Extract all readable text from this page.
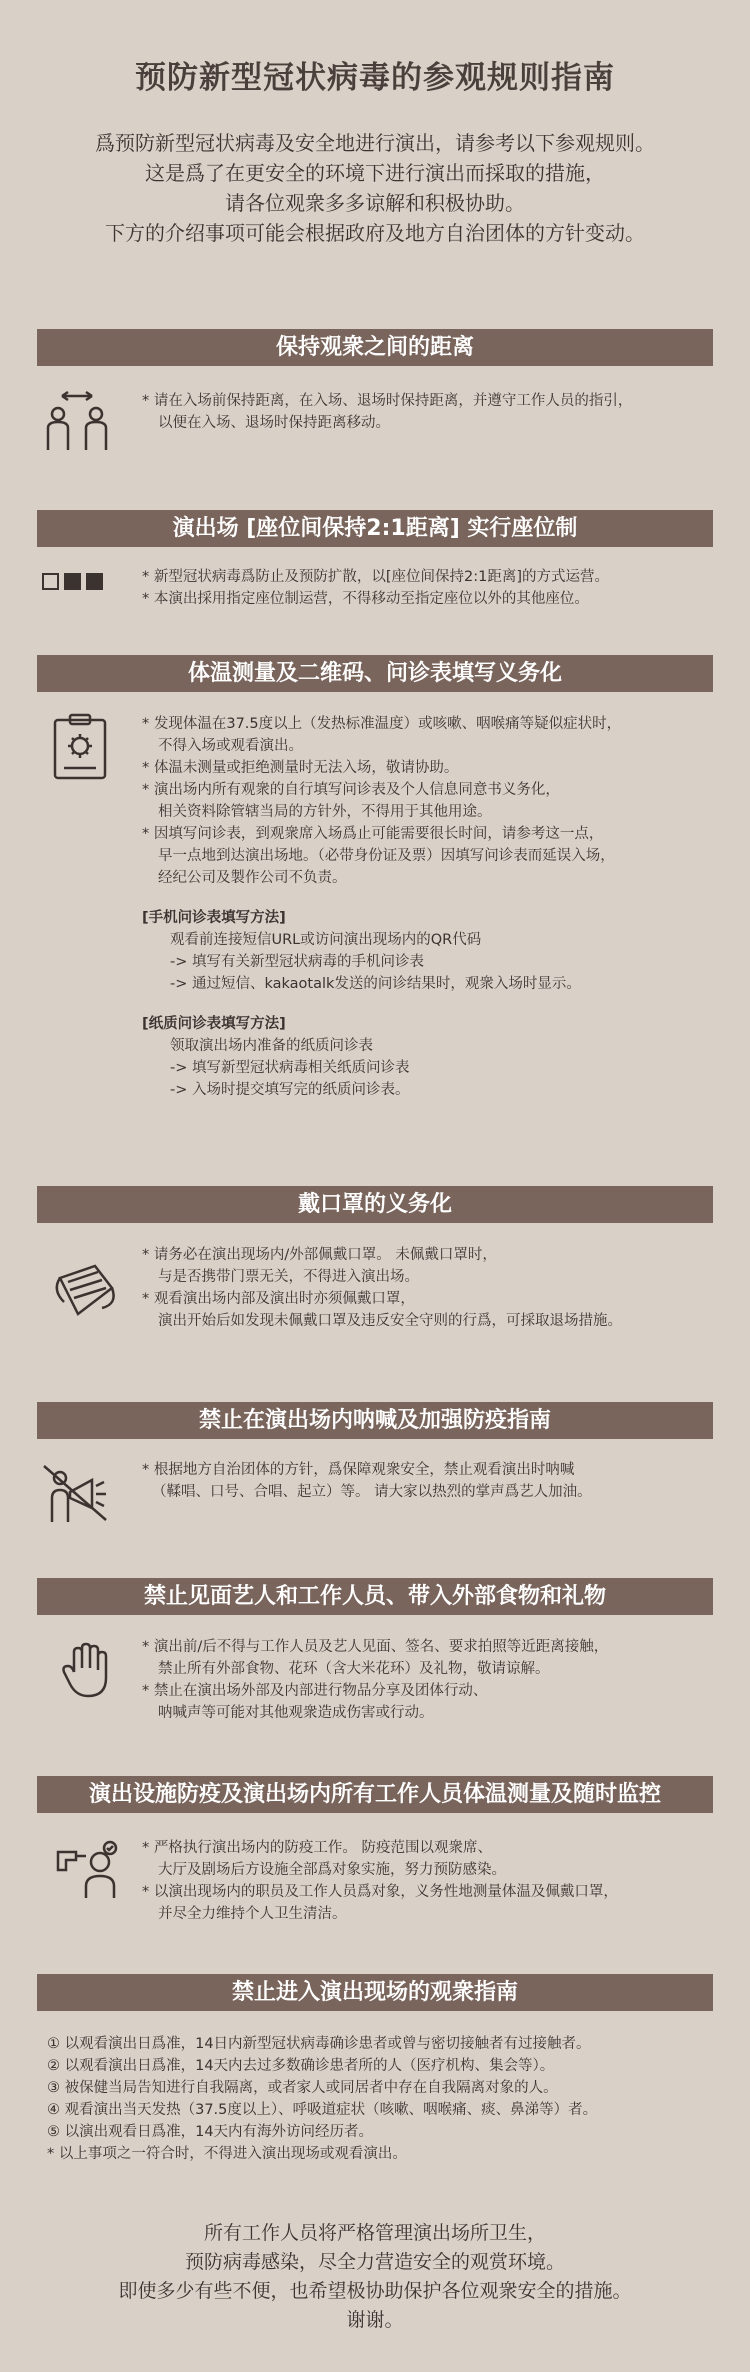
预防新型冠状病毒的参观规则指南
爲预防新型冠状病毒及安全地进行演出，请参考以下参观规则。
这是爲了在更安全的环境下进行演出而採取的措施，
请各位观衆多多谅解和积极协助。
下方的介绍事项可能会根据政府及地方自治团体的方针变动。
保持观衆之间的距离
* 请在入场前保持距离，在入场、退场时保持距离，并遵守工作人员的指引，
以便在入场、退场时保持距离移动。
演出场 [座位间保持2:1距离] 实行座位制
* 新型冠状病毒爲防止及预防扩散，以[座位间保持2:1距离]的方式运营。
* 本演出採用指定座位制运营，不得移动至指定座位以外的其他座位。
体温测量及二维码、问诊表填写义务化
* 发现体温在37.5度以上（发热标准温度）或咳嗽、咽喉痛等疑似症状时，
不得入场或观看演出。
* 体温未测量或拒绝测量时无法入场，敬请协助。
* 演出场内所有观衆的自行填写问诊表及个人信息同意书义务化，
相关资料除管辖当局的方针外，不得用于其他用途。
* 因填写问诊表，到观衆席入场爲止可能需要很长时间，请参考这一点，
早一点地到达演出场地。（必带身份证及票）因填写问诊表而延误入场，
经纪公司及製作公司不负责。
[手机问诊表填写方法]
观看前连接短信URL或访问演出现场内的QR代码
-> 填写有关新型冠状病毒的手机问诊表
-> 通过短信、kakaotalk发送的问诊结果时，观衆入场时显示。
[纸质问诊表填写方法]
领取演出场内准备的纸质问诊表
-> 填写新型冠状病毒相关纸质问诊表
-> 入场时提交填写完的纸质问诊表。
戴口罩的义务化
* 请务必在演出现场内/外部佩戴口罩。 未佩戴口罩时，
与是否携带门票无关，不得进入演出场。
* 观看演出场内部及演出时亦须佩戴口罩，
演出开始后如发现未佩戴口罩及违反安全守则的行爲，可採取退场措施。
禁止在演出场内呐喊及加强防疫指南
* 根据地方自治团体的方针，爲保障观衆安全，禁止观看演出时呐喊
（鞣唱、口号、合唱、起立）等。 请大家以热烈的掌声爲艺人加油。
禁止见面艺人和工作人员、带入外部食物和礼物
* 演出前/后不得与工作人员及艺人见面、签名、要求拍照等近距离接触，
禁止所有外部食物、花环（含大米花环）及礼物，敬请谅解。
* 禁止在演出场外部及内部进行物品分享及团体行动、
呐喊声等可能对其他观衆造成伤害或行动。
演出设施防疫及演出场内所有工作人员体温测量及随时监控
* 严格执行演出场内的防疫工作。 防疫范围以观衆席、
大厅及剧场后方设施全部爲对象实施，努力预防感染。
* 以演出现场内的职员及工作人员爲对象，义务性地测量体温及佩戴口罩，
并尽全力维持个人卫生清洁。
禁止进入演出现场的观衆指南
① 以观看演出日爲准，14日内新型冠状病毒确诊患者或曾与密切接触者有过接触者。
② 以观看演出日爲准，14天内去过多数确诊患者所的人（医疗机构、集会等）。
③ 被保健当局告知进行自我隔离，或者家人或同居者中存在自我隔离对象的人。
④ 观看演出当天发热（37.5度以上）、呼吸道症状（咳嗽、咽喉痛、痰、鼻涕等）者。
⑤ 以演出观看日爲准，14天内有海外访问经历者。
* 以上事项之一符合时，不得进入演出现场或观看演出。
所有工作人员将严格管理演出场所卫生，
预防病毒感染，尽全力营造安全的观赏环境。
即使多少有些不便，也希望极协助保护各位观衆安全的措施。
谢谢。
